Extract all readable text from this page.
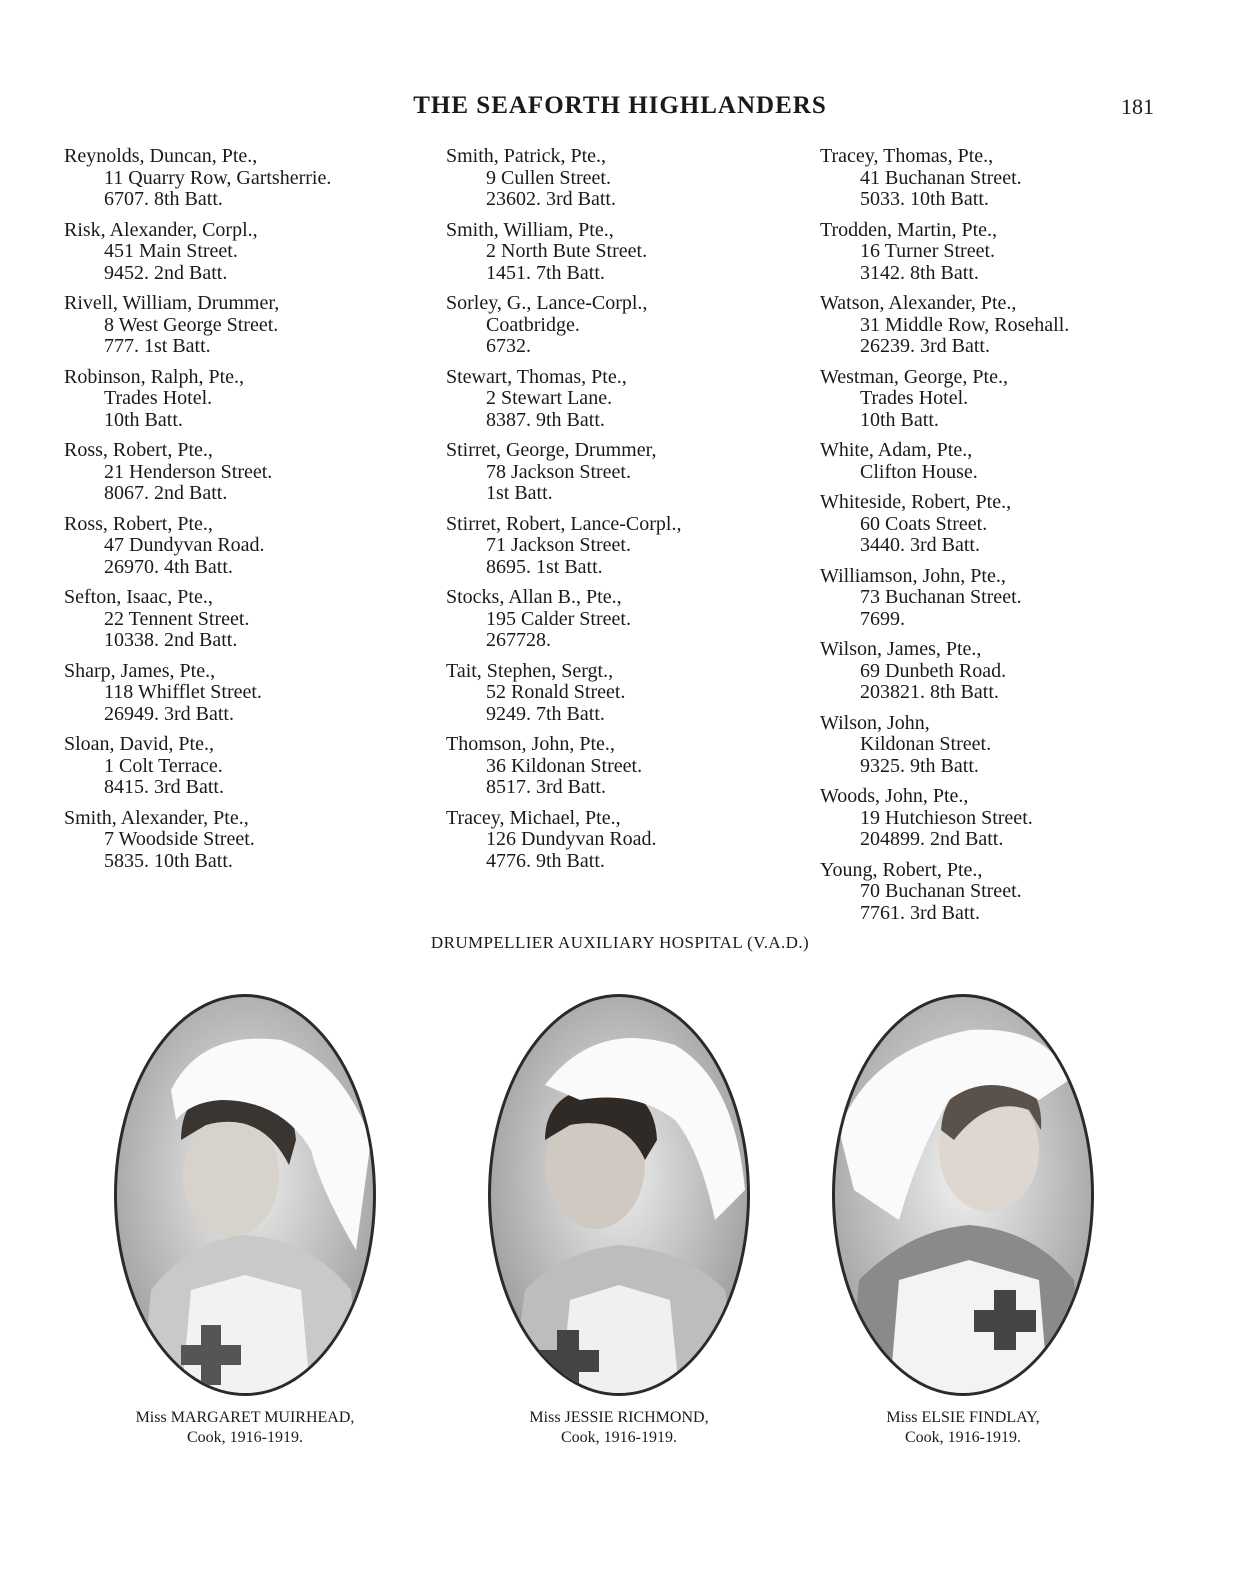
THE SEAFORTH HIGHLANDERS	181
Reynolds, Duncan, Pte.,
11 Quarry Row, Gartsherrie.
6707. 8th Batt.
Risk, Alexander, Corpl.,
451 Main Street.
9452. 2nd Batt.
Rivell, William, Drummer,
8 West George Street.
777. 1st Batt.
Robinson, Ralph, Pte.,
Trades Hotel.
10th Batt.
Ross, Robert, Pte.,
21 Henderson Street.
8067. 2nd Batt.
Ross, Robert, Pte.,
47 Dundyvan Road.
26970. 4th Batt.
Sefton, Isaac, Pte.,
22 Tennent Street.
10338. 2nd Batt.
Sharp, James, Pte.,
118 Whifflet Street.
26949. 3rd Batt.
Sloan, David, Pte.,
1 Colt Terrace.
8415. 3rd Batt.
Smith, Alexander, Pte.,
7 Woodside Street.
5835. 10th Batt.
Smith, Patrick, Pte.,
9 Cullen Street.
23602. 3rd Batt.
Smith, William, Pte.,
2 North Bute Street.
1451. 7th Batt.
Sorley, G., Lance-Corpl.,
Coatbridge.
6732.
Stewart, Thomas, Pte.,
2 Stewart Lane.
8387. 9th Batt.
Stirret, George, Drummer,
78 Jackson Street.
1st Batt.
Stirret, Robert, Lance-Corpl.,
71 Jackson Street.
8695. 1st Batt.
Stocks, Allan B., Pte.,
195 Calder Street.
267728.
Tait, Stephen, Sergt.,
52 Ronald Street.
9249. 7th Batt.
Thomson, John, Pte.,
36 Kildonan Street.
8517. 3rd Batt.
Tracey, Michael, Pte.,
126 Dundyvan Road.
4776. 9th Batt.
Tracey, Thomas, Pte.,
41 Buchanan Street.
5033. 10th Batt.
Trodden, Martin, Pte.,
16 Turner Street.
3142. 8th Batt.
Watson, Alexander, Pte.,
31 Middle Row, Rosehall.
26239. 3rd Batt.
Westman, George, Pte.,
Trades Hotel.
10th Batt.
White, Adam, Pte.,
Clifton House.
Whiteside, Robert, Pte.,
60 Coats Street.
3440. 3rd Batt.
Williamson, John, Pte.,
73 Buchanan Street.
7699.
Wilson, James, Pte.,
69 Dunbeth Road.
203821. 8th Batt.
Wilson, John,
Kildonan Street.
9325. 9th Batt.
Woods, John, Pte.,
19 Hutchieson Street.
204899. 2nd Batt.
Young, Robert, Pte.,
70 Buchanan Street.
7761. 3rd Batt.
DRUMPELLIER AUXILIARY HOSPITAL (V.A.D.)
Miss MARGARET MUIRHEAD,
Cook, 1916-1919.
Miss JESSIE RICHMOND,
Cook, 1916-1919.
Miss ELSIE FINDLAY,
Cook, 1916-1919.
